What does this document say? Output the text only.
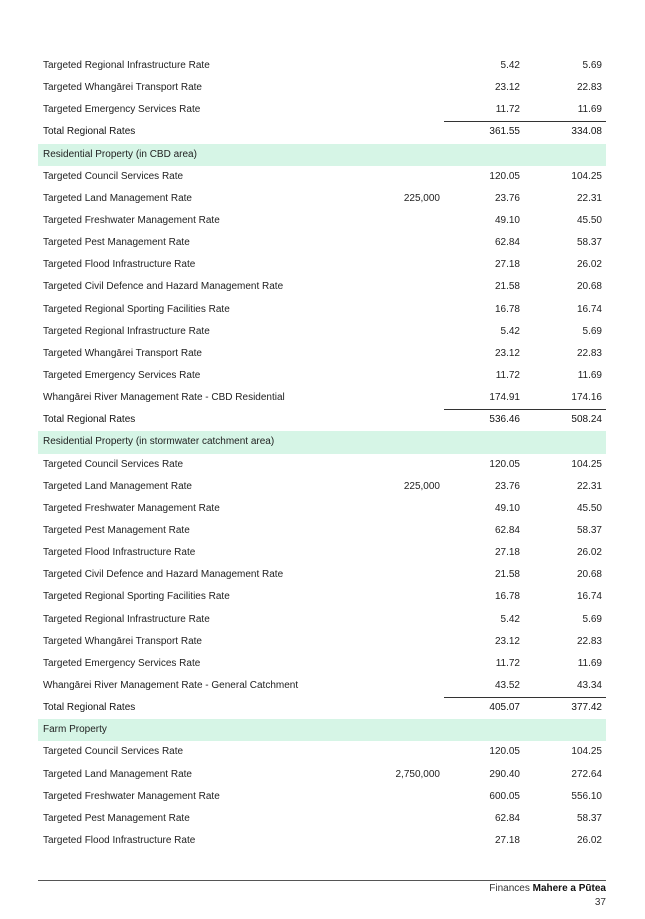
Targeted Regional Infrastructure Rate	5.42	5.69
Targeted Whangārei Transport Rate	23.12	22.83
Targeted Emergency Services Rate	11.72	11.69
Total Regional Rates	361.55	334.08
Residential Property (in CBD area)
Targeted Council Services Rate	120.05	104.25
Targeted Land Management Rate	225,000	23.76	22.31
Targeted Freshwater Management Rate	49.10	45.50
Targeted Pest Management Rate	62.84	58.37
Targeted Flood Infrastructure Rate	27.18	26.02
Targeted Civil Defence and Hazard Management Rate	21.58	20.68
Targeted Regional Sporting Facilities Rate	16.78	16.74
Targeted Regional Infrastructure Rate	5.42	5.69
Targeted Whangārei Transport Rate	23.12	22.83
Targeted Emergency Services Rate	11.72	11.69
Whangārei River Management Rate - CBD Residential	174.91	174.16
Total Regional Rates	536.46	508.24
Residential Property (in stormwater catchment area)
Targeted Council Services Rate	120.05	104.25
Targeted Land Management Rate	225,000	23.76	22.31
Targeted Freshwater Management Rate	49.10	45.50
Targeted Pest Management Rate	62.84	58.37
Targeted Flood Infrastructure Rate	27.18	26.02
Targeted Civil Defence and Hazard Management Rate	21.58	20.68
Targeted Regional Sporting Facilities Rate	16.78	16.74
Targeted Regional Infrastructure Rate	5.42	5.69
Targeted Whangārei Transport Rate	23.12	22.83
Targeted Emergency Services Rate	11.72	11.69
Whangārei River Management Rate - General Catchment	43.52	43.34
Total Regional Rates	405.07	377.42
Farm Property
Targeted Council Services Rate	120.05	104.25
Targeted Land Management Rate	2,750,000	290.40	272.64
Targeted Freshwater Management Rate	600.05	556.10
Targeted Pest Management Rate	62.84	58.37
Targeted Flood Infrastructure Rate	27.18	26.02
Finances Mahere a Pūtea
37
